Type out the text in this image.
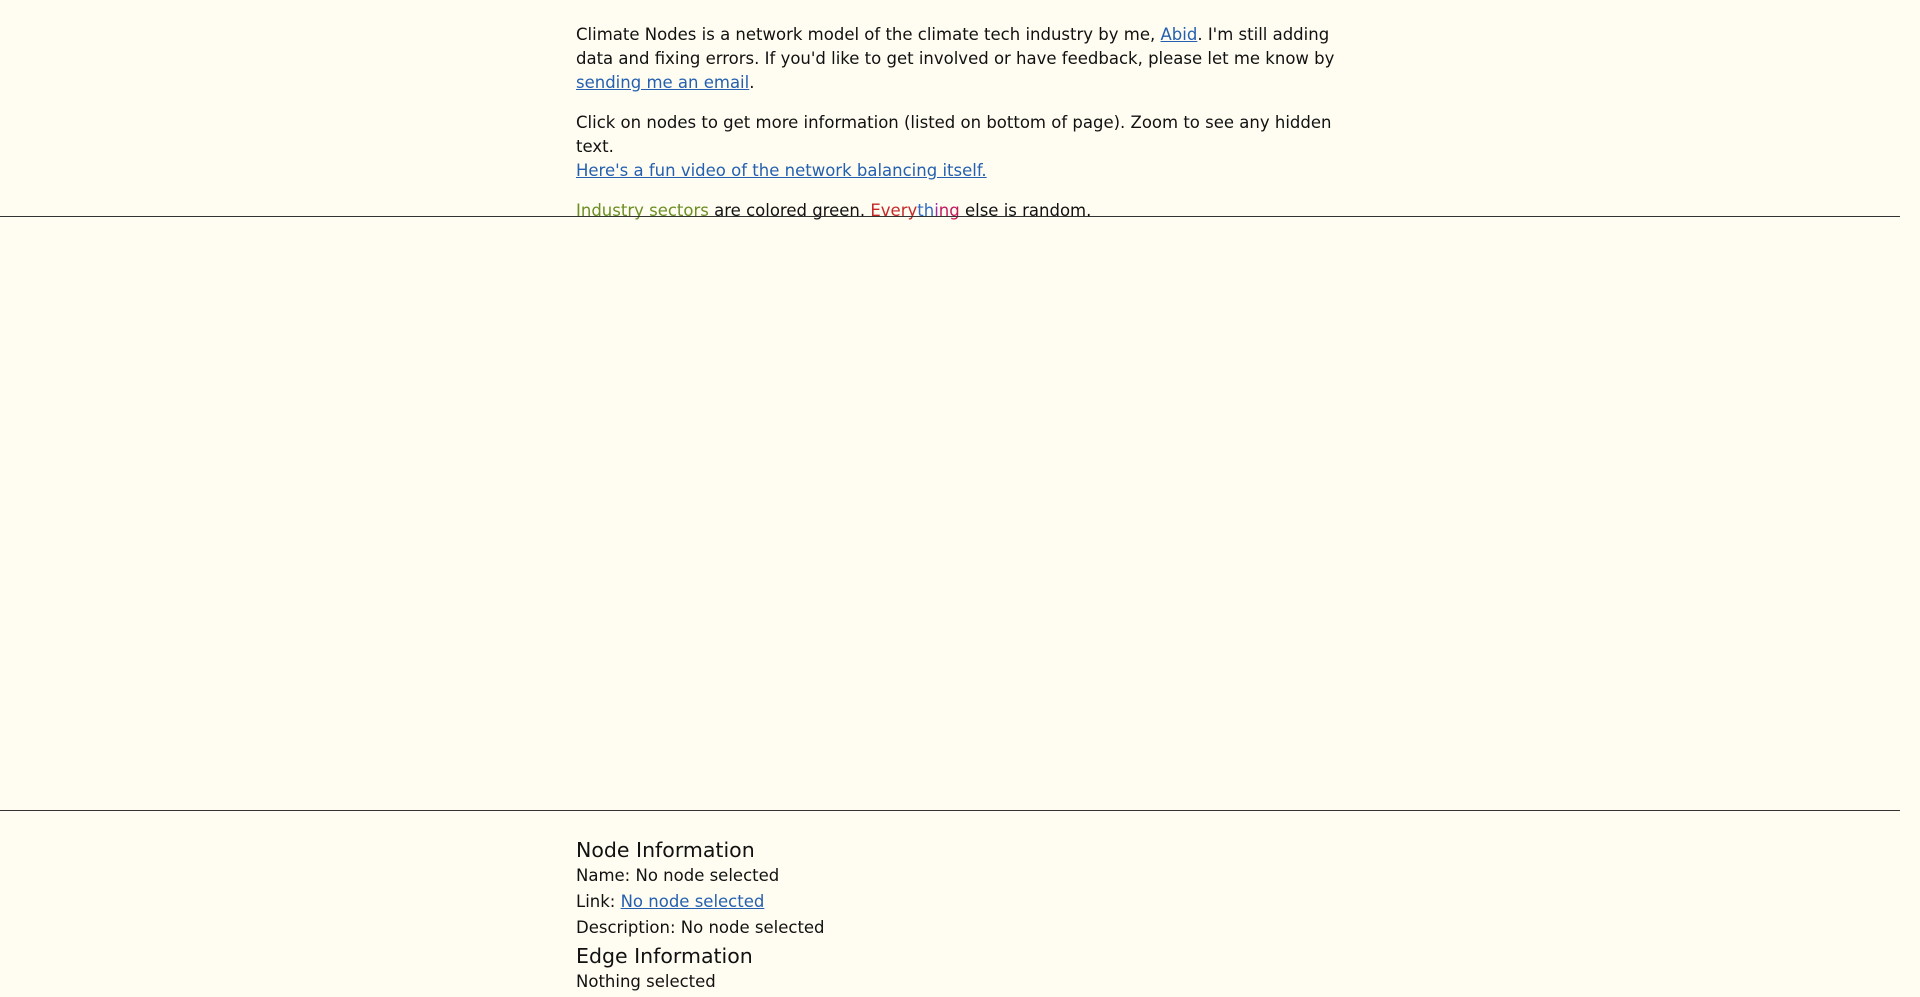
Climate Nodes is a network model of the climate tech industry by me, Abid. I'm still adding data and fixing errors. If you'd like to get involved or have feedback, please let me know by sending me an email.

Click on nodes to get more information (listed on bottom of page). Zoom to see any hidden text.
Here's a fun video of the network balancing itself.

Industry sectors are colored green. Everything else is random.

Node Information
Name: No node selected
Link: No node selected
Description: No node selected
Edge Information
Nothing selected
